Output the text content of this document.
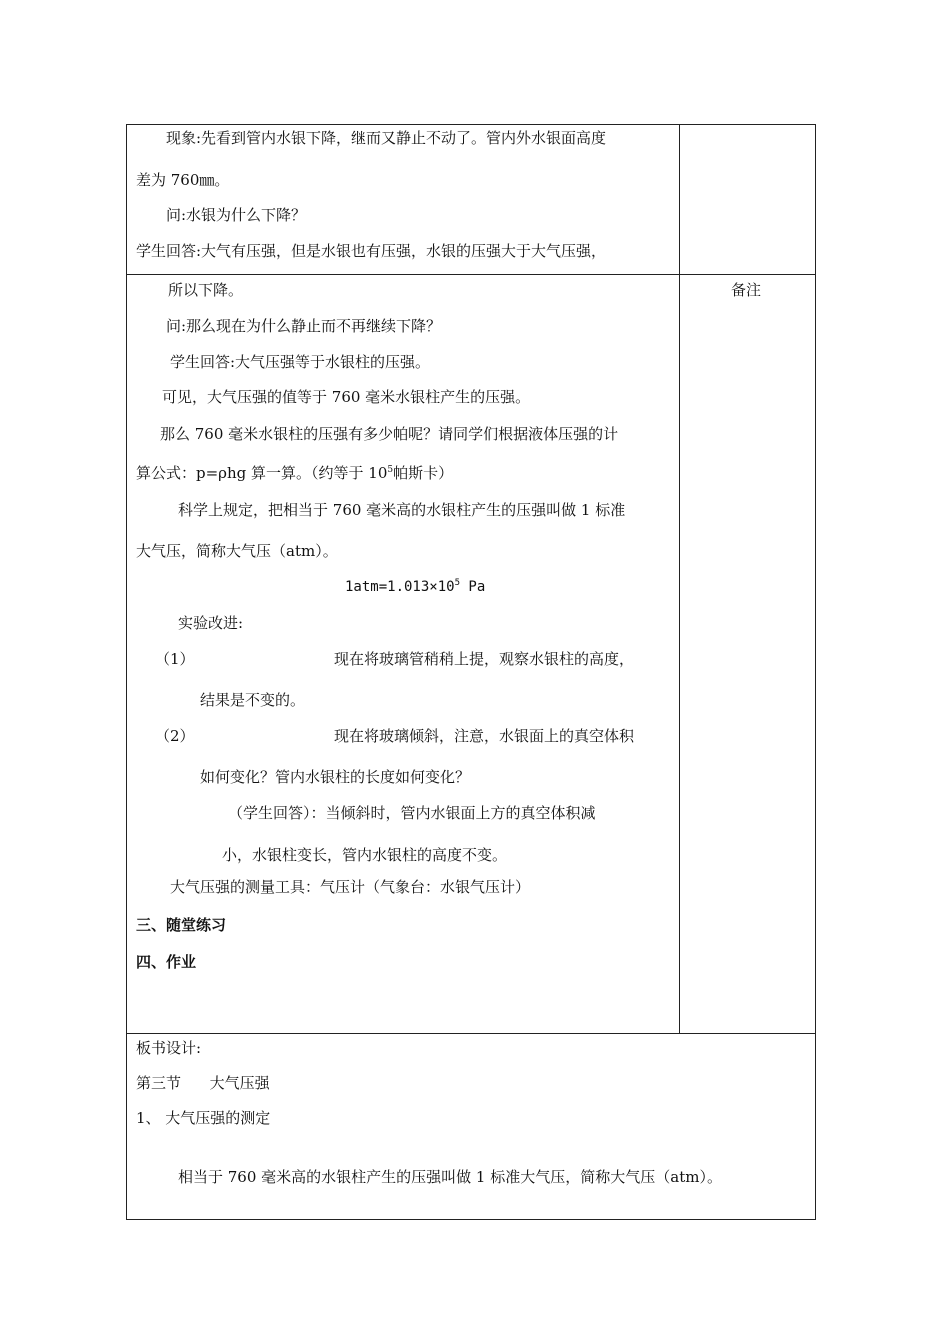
现象:先看到管内水银下降，继而又静止不动了。管内外水银面高度
差为 760㎜。
问:水银为什么下降？
学生回答:大气有压强，但是水银也有压强，水银的压强大于大气压强，
备注
所以下降。
问:那么现在为什么静止而不再继续下降？
学生回答:大气压强等于水银柱的压强。
可见，大气压强的值等于 760 毫米水银柱产生的压强。
那么 760 毫米水银柱的压强有多少帕呢？请同学们根据液体压强的计
算公式：p=ρhg 算一算。（约等于 $10^5$帕斯卡）
科学上规定，把相当于 760 毫米高的水银柱产生的压强叫做 1 标准
大气压，简称大气压（atm）。
$1atm=1.013\times 10^5$ Pa
实验改进:
（1）	现在将玻璃管稍稍上提，观察水银柱的高度，
结果是不变的。
（2）	现在将玻璃倾斜，注意，水银面上的真空体积
如何变化？管内水银柱的长度如何变化？
（学生回答）：当倾斜时，管内水银面上方的真空体积减
小，水银柱变长，管内水银柱的高度不变。
大气压强的测量工具：气压计（气象台：水银气压计）
三、随堂练习
四、作业
板书设计:
第三节      大气压强
1、 大气压强的测定
相当于 760 毫米高的水银柱产生的压强叫做 1 标准大气压，简称大气压（atm）。
